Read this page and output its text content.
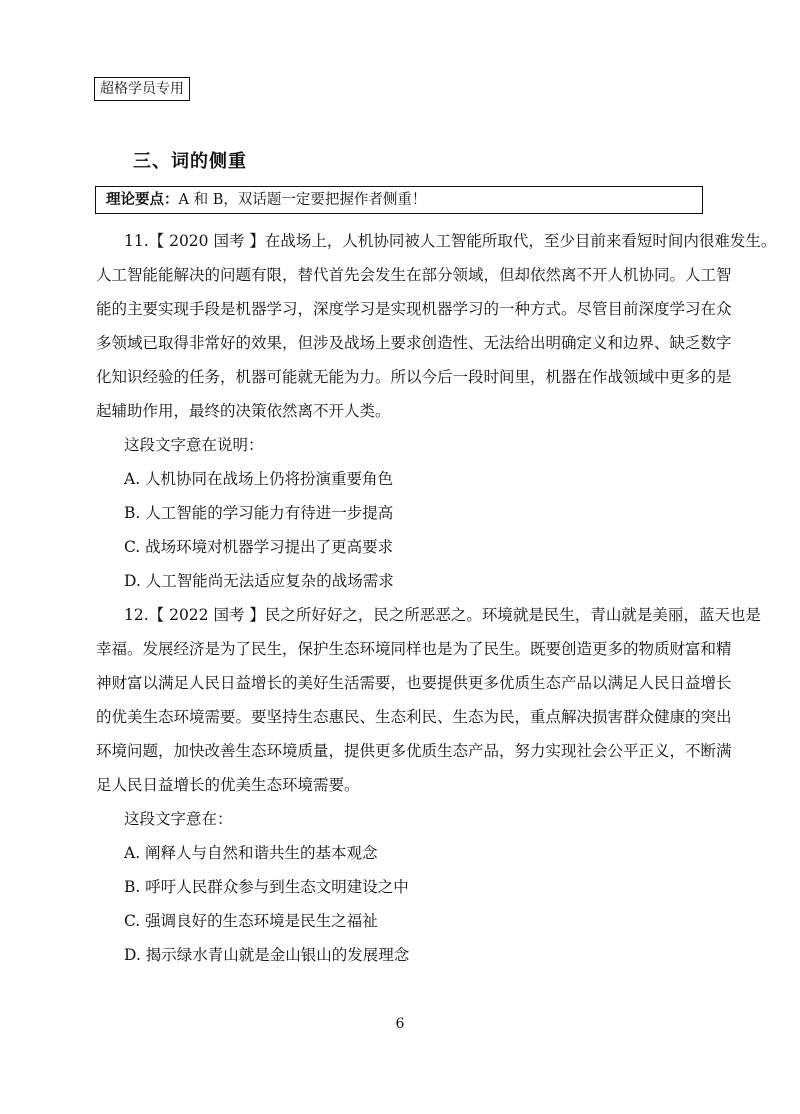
超格学员专用
三、词的侧重
理论要点：A 和 B，双话题一定要把握作者侧重！
11.【 2020 国考 】在战场上，人机协同被人工智能所取代，至少目前来看短时间内很难发生。
人工智能能解决的问题有限，替代首先会发生在部分领域，但却依然离不开人机协同。人工智
能的主要实现手段是机器学习，深度学习是实现机器学习的一种方式。尽管目前深度学习在众
多领域已取得非常好的效果，但涉及战场上要求创造性、无法给出明确定义和边界、缺乏数字
化知识经验的任务，机器可能就无能为力。所以今后一段时间里，机器在作战领域中更多的是
起辅助作用，最终的决策依然离不开人类。
这段文字意在说明：
A. 人机协同在战场上仍将扮演重要角色
B. 人工智能的学习能力有待进一步提高
C. 战场环境对机器学习提出了更高要求
D. 人工智能尚无法适应复杂的战场需求
12.【 2022 国考 】民之所好好之，民之所恶恶之。环境就是民生，青山就是美丽，蓝天也是
幸福。发展经济是为了民生，保护生态环境同样也是为了民生。既要创造更多的物质财富和精
神财富以满足人民日益增长的美好生活需要，也要提供更多优质生态产品以满足人民日益增长
的优美生态环境需要。要坚持生态惠民、生态利民、生态为民，重点解决损害群众健康的突出
环境问题，加快改善生态环境质量，提供更多优质生态产品，努力实现社会公平正义，不断满
足人民日益增长的优美生态环境需要。
这段文字意在：
A. 阐释人与自然和谐共生的基本观念
B. 呼吁人民群众参与到生态文明建设之中
C. 强调良好的生态环境是民生之福祉
D. 揭示绿水青山就是金山银山的发展理念
6
